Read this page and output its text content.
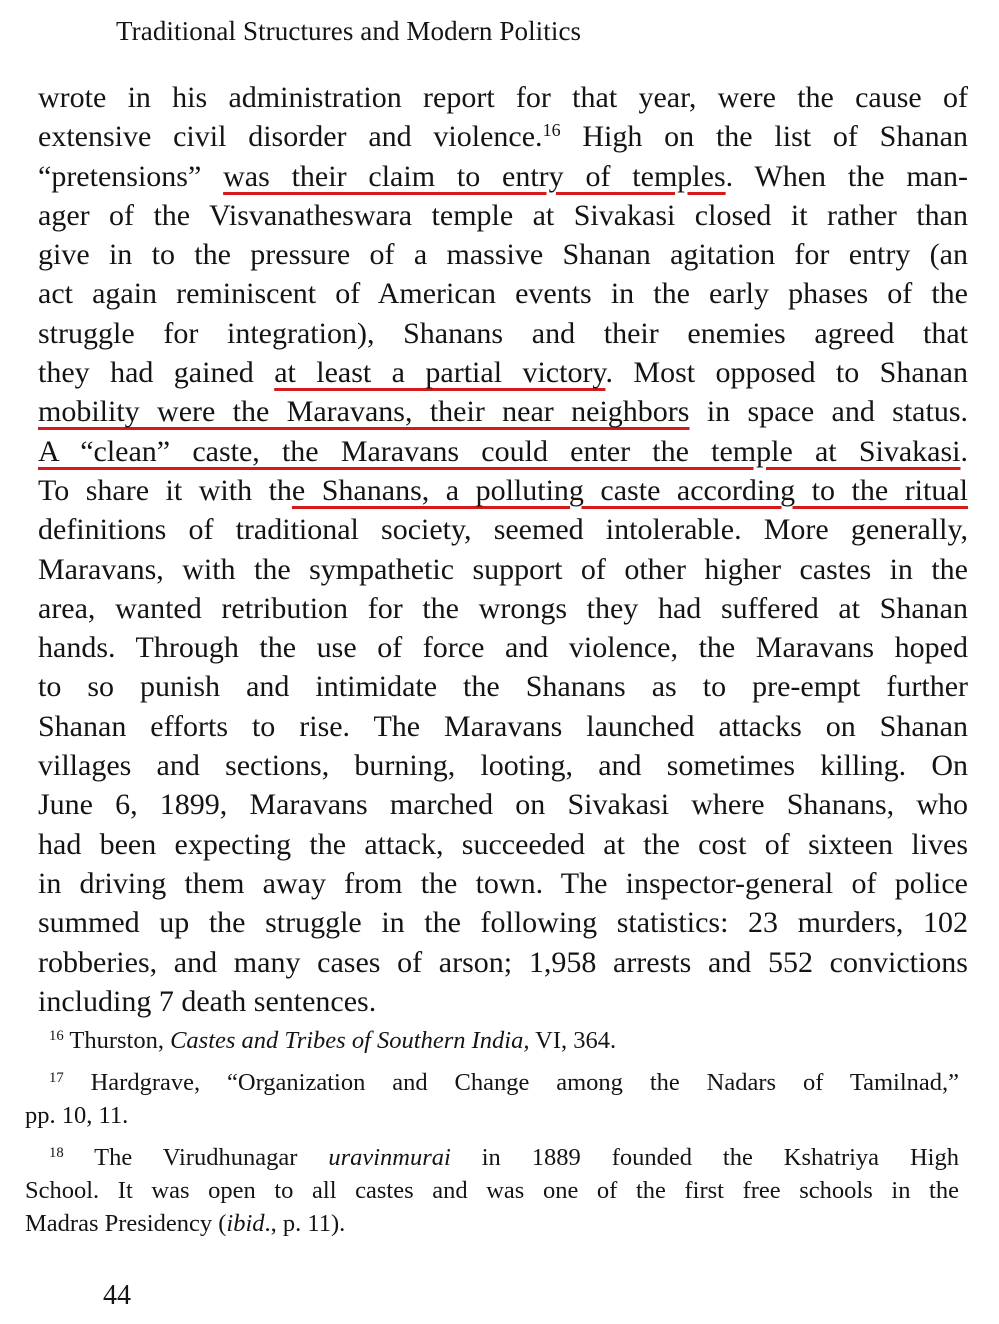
Traditional Structures and Modern Politics
wrote in his administration report for that year, were the cause of
extensive civil disorder and violence.$^{16}$ High on the list of Shanan
“pretensions” was their claim to entry of temples. When the man-
ager of the Visvanatheswara temple at Sivakasi closed it rather than
give in to the pressure of a massive Shanan agitation for entry (an
act again reminiscent of American events in the early phases of the
struggle for integration), Shanans and their enemies agreed that
they had gained at least a partial victory. Most opposed to Shanan
mobility were the Maravans, their near neighbors in space and status.
A “clean” caste, the Maravans could enter the temple at Sivakasi.
To share it with the Shanans, a polluting caste according to the ritual
definitions of traditional society, seemed intolerable. More generally,
Maravans, with the sympathetic support of other higher castes in the
area, wanted retribution for the wrongs they had suffered at Shanan
hands. Through the use of force and violence, the Maravans hoped
to so punish and intimidate the Shanans as to pre-empt further
Shanan efforts to rise. The Maravans launched attacks on Shanan
villages and sections, burning, looting, and sometimes killing. On
June 6, 1899, Maravans marched on Sivakasi where Shanans, who
had been expecting the attack, succeeded at the cost of sixteen lives
in driving them away from the town. The inspector-general of police
summed up the struggle in the following statistics: 23 murders, 102
robberies, and many cases of arson; 1,958 arrests and 552 convictions
including 7 death sentences.
$^{16}$ Thurston, Castes and Tribes of Southern India, VI, 364.
$^{17}$ Hardgrave, “Organization and Change among the Nadars of Tamilnad,”
pp. 10, 11.
$^{18}$ The Virudhunagar uravinmurai in 1889 founded the Kshatriya High
School. It was open to all castes and was one of the first free schools in the
Madras Presidency (ibid., p. 11).
44
